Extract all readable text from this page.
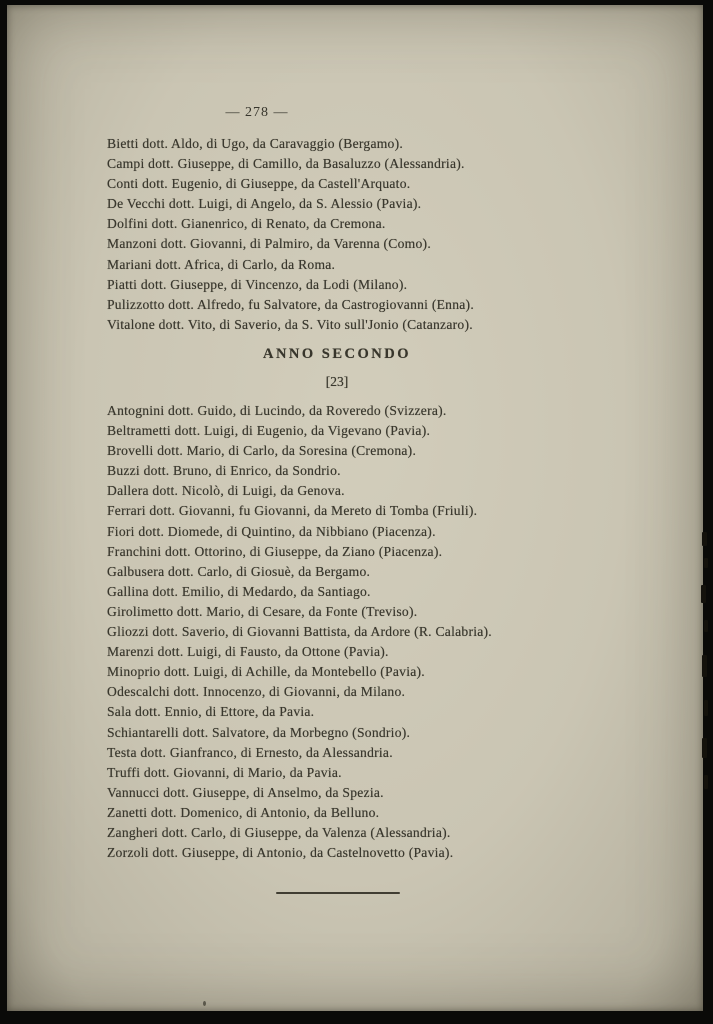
— 278 —

Bietti dott. Aldo, di Ugo, da Caravaggio (Bergamo).

Campi dott. Giuseppe, di Camillo, da Basaluzzo (Alessandria).

Conti dott. Eugenio, di Giuseppe, da Castell'Arquato.

De Vecchi dott. Luigi, di Angelo, da S. Alessio (Pavia).

Dolfini dott. Gianenrico, di Renato, da Cremona.

Manzoni dott. Giovanni, di Palmiro, da Varenna (Como).

Mariani dott. Africa, di Carlo, da Roma.

Piatti dott. Giuseppe, di Vincenzo, da Lodi (Milano).

Pulizzotto dott. Alfredo, fu Salvatore, da Castrogiovanni (Enna).

Vitalone dott. Vito, di Saverio, da S. Vito sull'Jonio (Catanzaro).

ANNO SECONDO
[23]

Antognini dott. Guido, di Lucindo, da Roveredo (Svizzera).

Beltrametti dott. Luigi, di Eugenio, da Vigevano (Pavia).

Brovelli dott. Mario, di Carlo, da Soresina (Cremona).

Buzzi dott. Bruno, di Enrico, da Sondrio.

Dallera dott. Nicolò, di Luigi, da Genova.

Ferrari dott. Giovanni, fu Giovanni, da Mereto di Tomba (Friuli).

Fiori dott. Diomede, di Quintino, da Nibbiano (Piacenza).

Franchini dott. Ottorino, di Giuseppe, da Ziano (Piacenza).

Galbusera dott. Carlo, di Giosuè, da Bergamo.

Gallina dott. Emilio, di Medardo, da Santiago.

Girolimetto dott. Mario, di Cesare, da Fonte (Treviso).

Gliozzi dott. Saverio, di Giovanni Battista, da Ardore (R. Calabria).

Marenzi dott. Luigi, di Fausto, da Ottone (Pavia).

Minoprio dott. Luigi, di Achille, da Montebello (Pavia).

Odescalchi dott. Innocenzo, di Giovanni, da Milano.

Sala dott. Ennio, di Ettore, da Pavia.

Schiantarelli dott. Salvatore, da Morbegno (Sondrio).

Testa dott. Gianfranco, di Ernesto, da Alessandria.

Truffi dott. Giovanni, di Mario, da Pavia.

Vannucci dott. Giuseppe, di Anselmo, da Spezia.

Zanetti dott. Domenico, di Antonio, da Belluno.

Zangheri dott. Carlo, di Giuseppe, da Valenza (Alessandria).

Zorzoli dott. Giuseppe, di Antonio, da Castelnovetto (Pavia).
